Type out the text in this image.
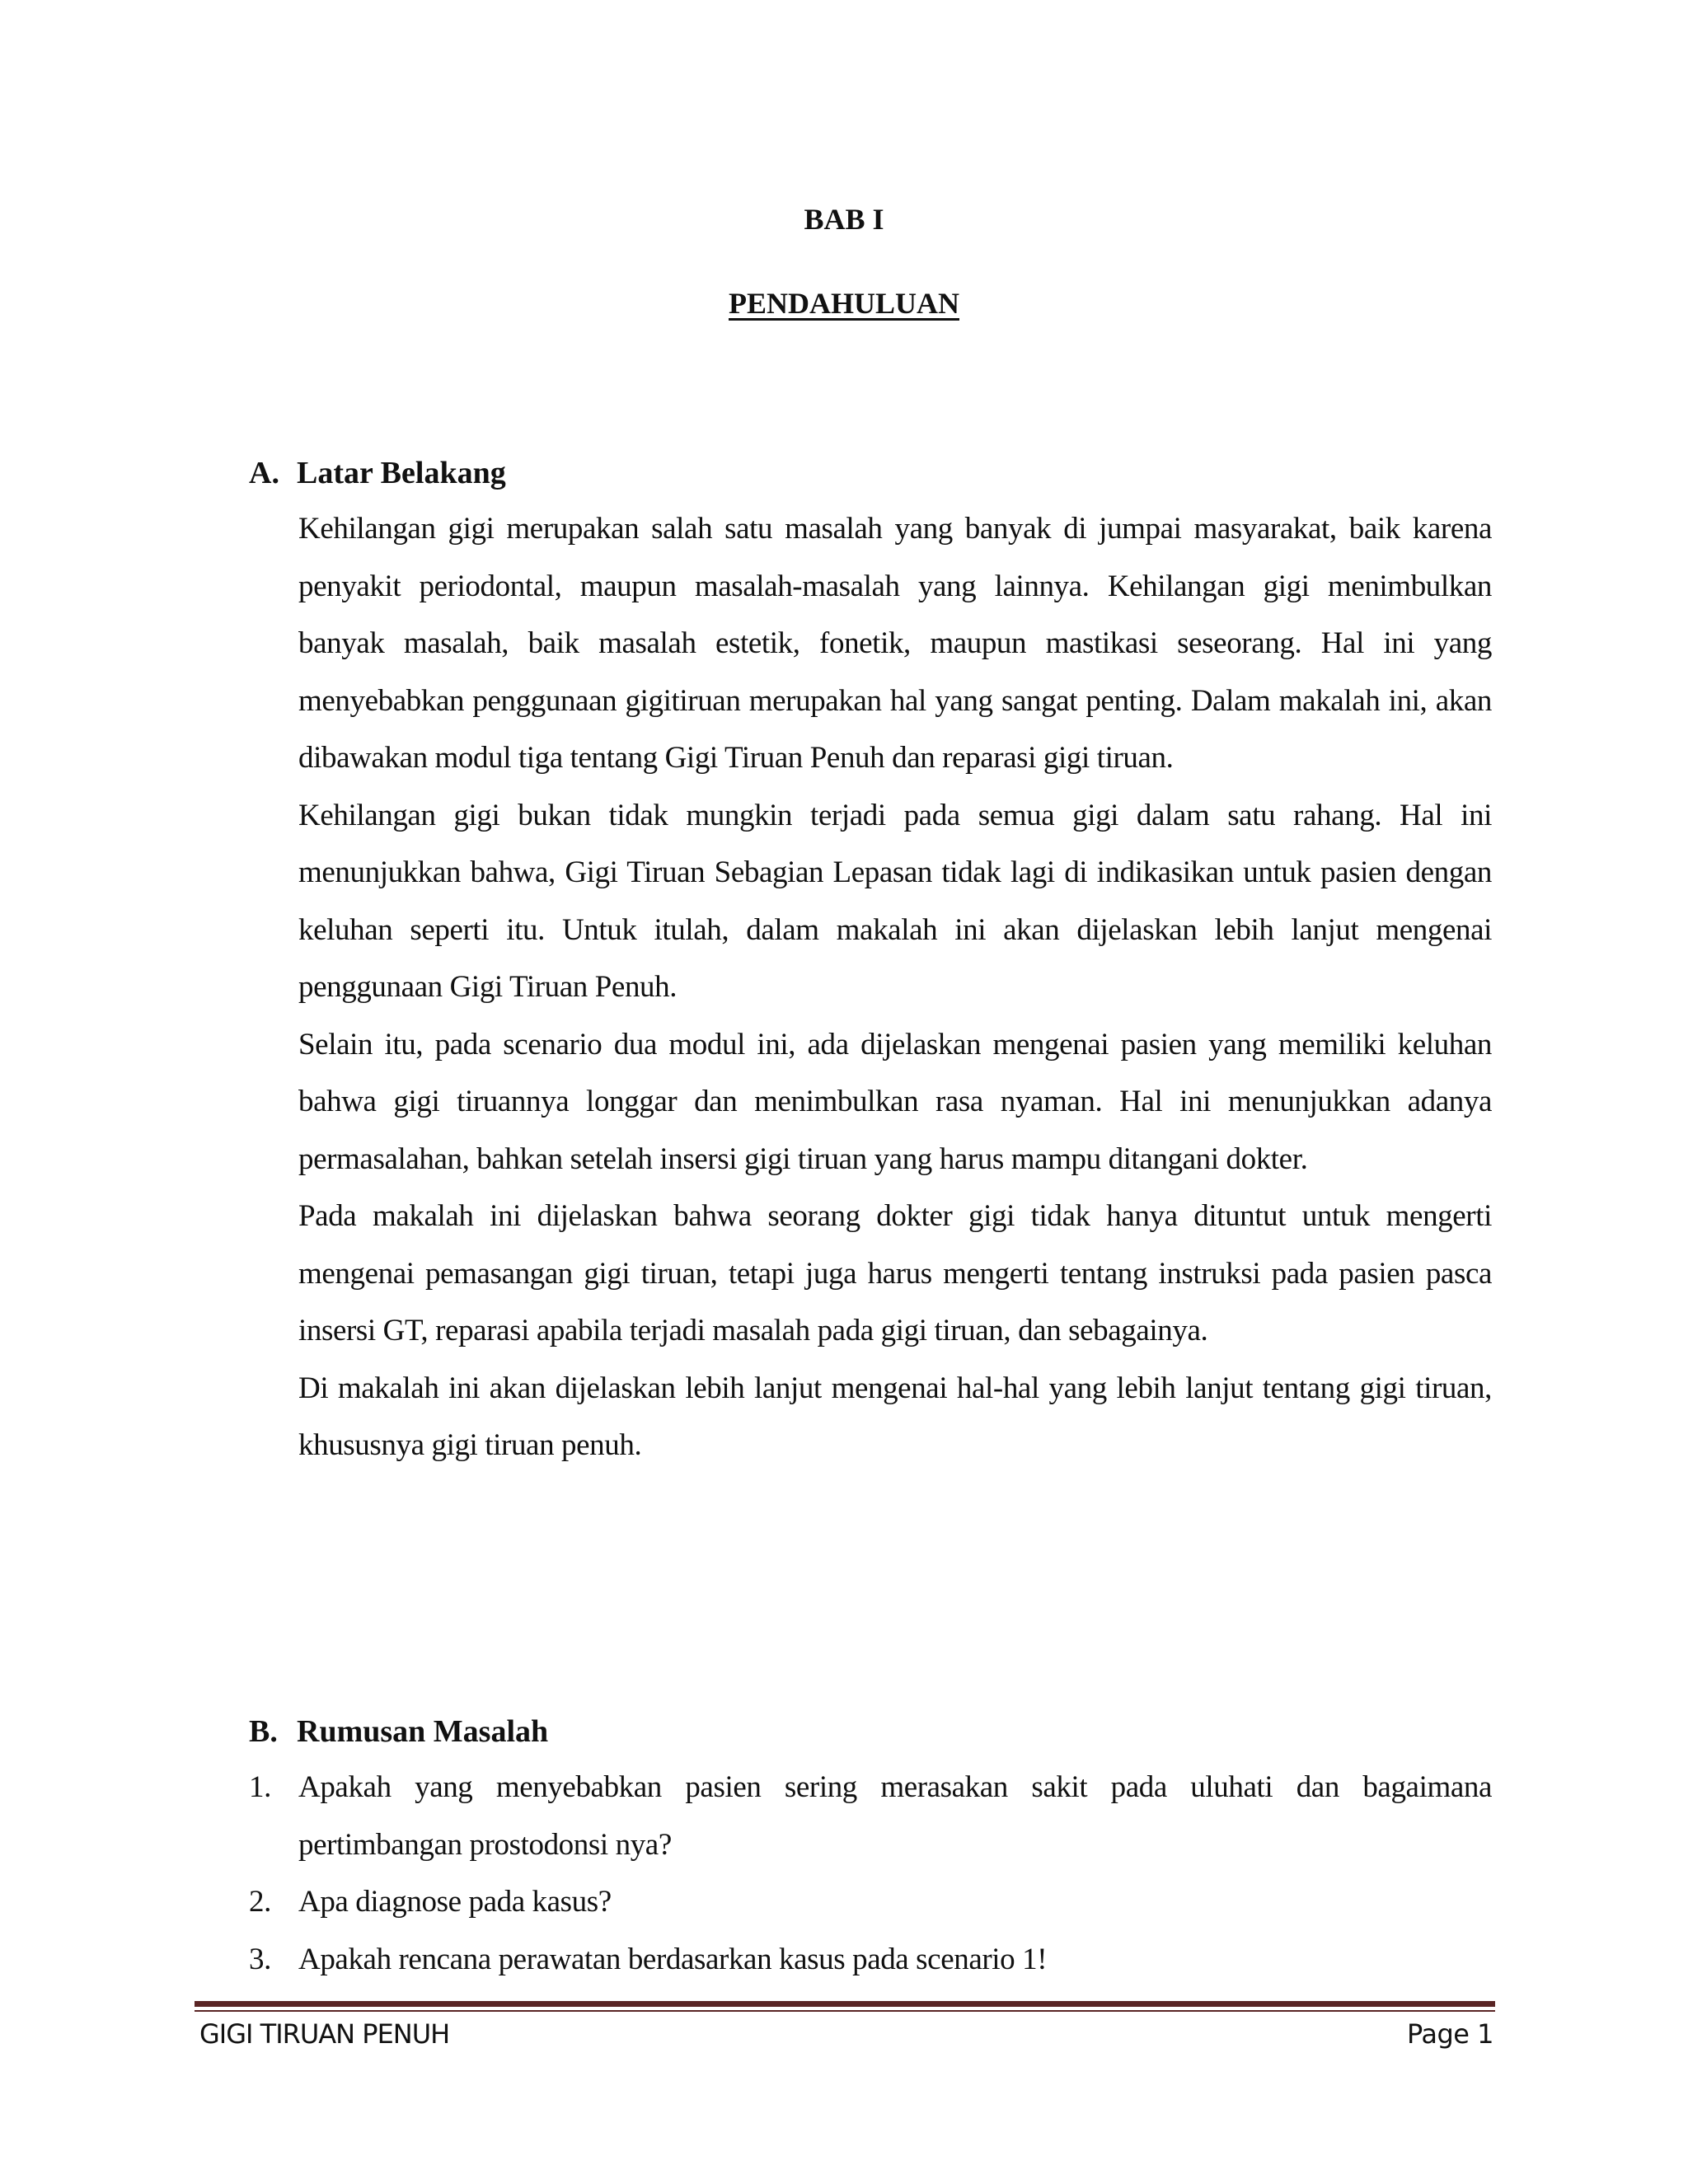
BAB I
PENDAHULUAN
A. Latar Belakang

Kehilangan gigi merupakan salah satu masalah yang banyak di jumpai masyarakat, baik karena penyakit periodontal, maupun masalah-masalah yang lainnya. Kehilangan gigi menimbulkan banyak masalah, baik masalah estetik, fonetik, maupun mastikasi seseorang. Hal ini yang menyebabkan penggunaan gigitiruan merupakan hal yang sangat penting. Dalam makalah ini, akan dibawakan modul tiga tentang Gigi Tiruan Penuh dan reparasi gigi tiruan.

Kehilangan gigi bukan tidak mungkin terjadi pada semua gigi dalam satu rahang. Hal ini menunjukkan bahwa, Gigi Tiruan Sebagian Lepasan tidak lagi di indikasikan untuk pasien dengan keluhan seperti itu. Untuk itulah, dalam makalah ini akan dijelaskan lebih lanjut mengenai penggunaan Gigi Tiruan Penuh.

Selain itu, pada scenario dua modul ini, ada dijelaskan mengenai pasien yang memiliki keluhan bahwa gigi tiruannya longgar dan menimbulkan rasa nyaman. Hal ini menunjukkan adanya permasalahan, bahkan setelah insersi gigi tiruan yang harus mampu ditangani dokter.

Pada makalah ini dijelaskan bahwa seorang dokter gigi tidak hanya dituntut untuk mengerti mengenai pemasangan gigi tiruan, tetapi juga harus mengerti tentang instruksi pada pasien pasca insersi GT, reparasi apabila terjadi masalah pada gigi tiruan, dan sebagainya.

Di makalah ini akan dijelaskan lebih lanjut mengenai hal-hal yang lebih lanjut tentang gigi tiruan, khususnya gigi tiruan penuh.

B. Rumusan Masalah
1. Apakah yang menyebabkan pasien sering merasakan sakit pada uluhati dan bagaimana pertimbangan prostodonsi nya?
2. Apa diagnose pada kasus?
3. Apakah rencana perawatan berdasarkan kasus pada scenario 1!
GIGI TIRUAN PENUH	Page 1
